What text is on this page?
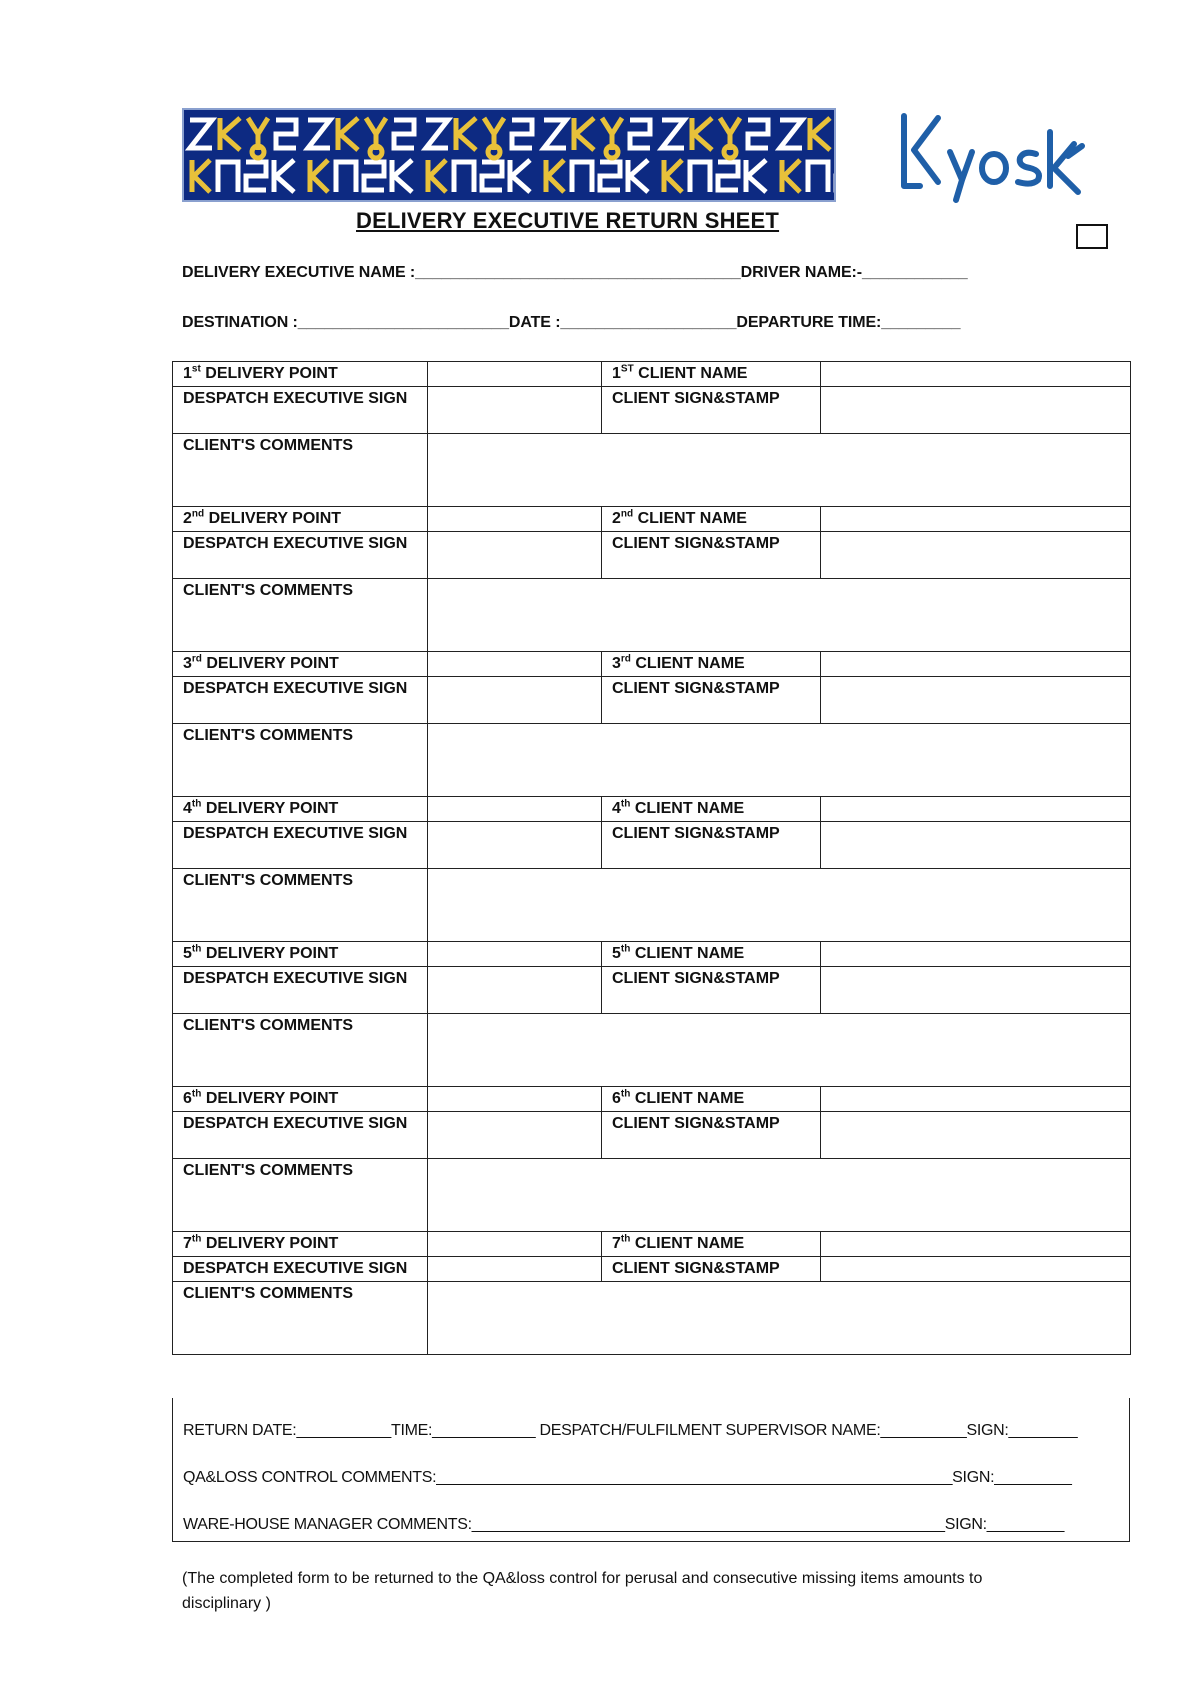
DELIVERY EXECUTIVE RETURN SHEET
DELIVERY EXECUTIVE NAME :_____________________________________DRIVER NAME:-____________
DESTINATION :________________________DATE :____________________DEPARTURE TIME:_________
1st DELIVERY POINT		1ST CLIENT NAME	
DESPATCH EXECUTIVE SIGN		CLIENT SIGN&STAMP	
CLIENT'S COMMENTS			
2nd DELIVERY POINT		2nd CLIENT NAME	
DESPATCH EXECUTIVE SIGN		CLIENT SIGN&STAMP	
CLIENT'S COMMENTS			
3rd DELIVERY POINT		3rd CLIENT NAME	
DESPATCH EXECUTIVE SIGN		CLIENT SIGN&STAMP	
CLIENT'S COMMENTS			
4th DELIVERY POINT		4th CLIENT NAME	
DESPATCH EXECUTIVE SIGN		CLIENT SIGN&STAMP	
CLIENT'S COMMENTS			
5th DELIVERY POINT		5th CLIENT NAME	
DESPATCH EXECUTIVE SIGN		CLIENT SIGN&STAMP	
CLIENT'S COMMENTS			
6th DELIVERY POINT		6th CLIENT NAME	
DESPATCH EXECUTIVE SIGN		CLIENT SIGN&STAMP	
CLIENT'S COMMENTS			
7th DELIVERY POINT		7th CLIENT NAME	
DESPATCH EXECUTIVE SIGN		CLIENT SIGN&STAMP	
CLIENT'S COMMENTS			
RETURN DATE:___________TIME:____________ DESPATCH/FULFILMENT SUPERVISOR NAME:__________SIGN:________
QA&LOSS CONTROL COMMENTS:____________________________________________________________SIGN:_________
WARE-HOUSE MANAGER COMMENTS:_______________________________________________________SIGN:_________
(The completed form to be returned to the QA&loss control for perusal and consecutive missing items amounts to disciplinary )
